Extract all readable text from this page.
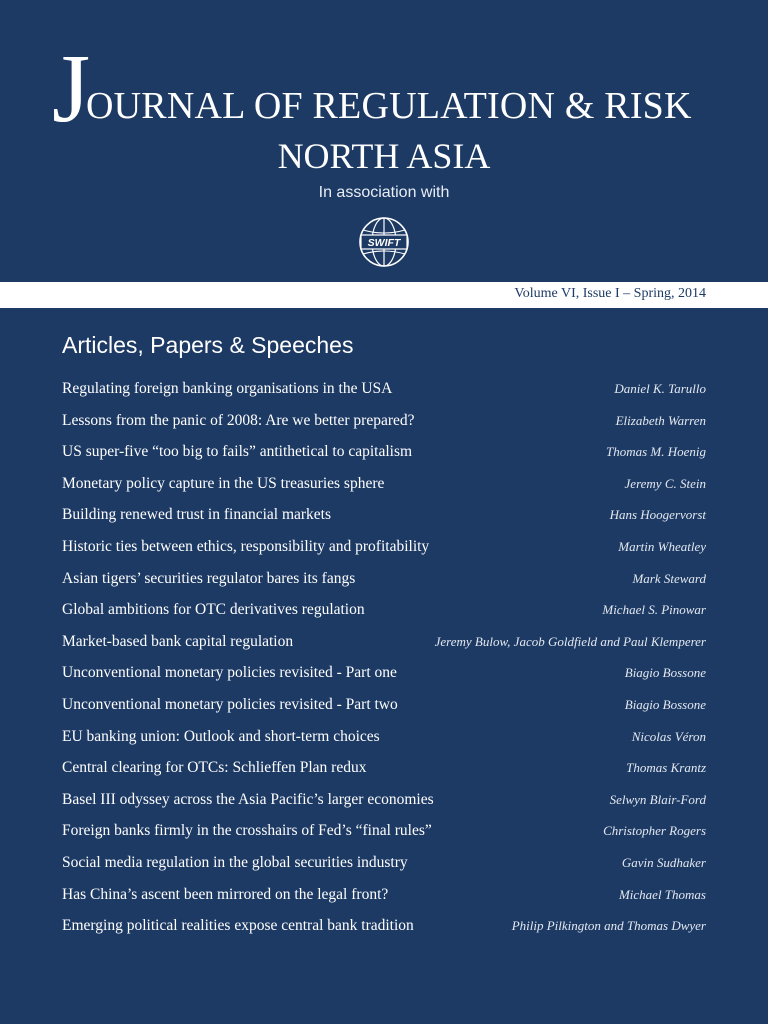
J
OURNAL OF REGULATION & RISK
NORTH ASIA
In association with
SWIFT
Volume VI, Issue I – Spring, 2014
Articles, Papers & Speeches
Regulating foreign banking organisations in the USA	Daniel K. Tarullo
Lessons from the panic of 2008: Are we better prepared?	Elizabeth Warren
US super-five “too big to fails” antithetical to capitalism	Thomas M. Hoenig
Monetary policy capture in the US treasuries sphere	Jeremy C. Stein
Building renewed trust in financial markets	Hans Hoogervorst
Historic ties between ethics, responsibility and profitability	Martin Wheatley
Asian tigers’ securities regulator bares its fangs	Mark Steward
Global ambitions for OTC derivatives regulation	Michael S. Pinowar
Market-based bank capital regulation	Jeremy Bulow, Jacob Goldfield and Paul Klemperer
Unconventional monetary policies revisited - Part one	Biagio Bossone
Unconventional monetary policies revisited - Part two	Biagio Bossone
EU banking union: Outlook and short-term choices	Nicolas Véron
Central clearing for OTCs: Schlieffen Plan redux	Thomas Krantz
Basel III odyssey across the Asia Pacific’s larger economies	Selwyn Blair-Ford
Foreign banks firmly in the crosshairs of Fed’s “final rules”	Christopher Rogers
Social media regulation in the global securities industry	Gavin Sudhaker
Has China’s ascent been mirrored on the legal front?	Michael Thomas
Emerging political realities expose central bank tradition	Philip Pilkington and Thomas Dwyer
